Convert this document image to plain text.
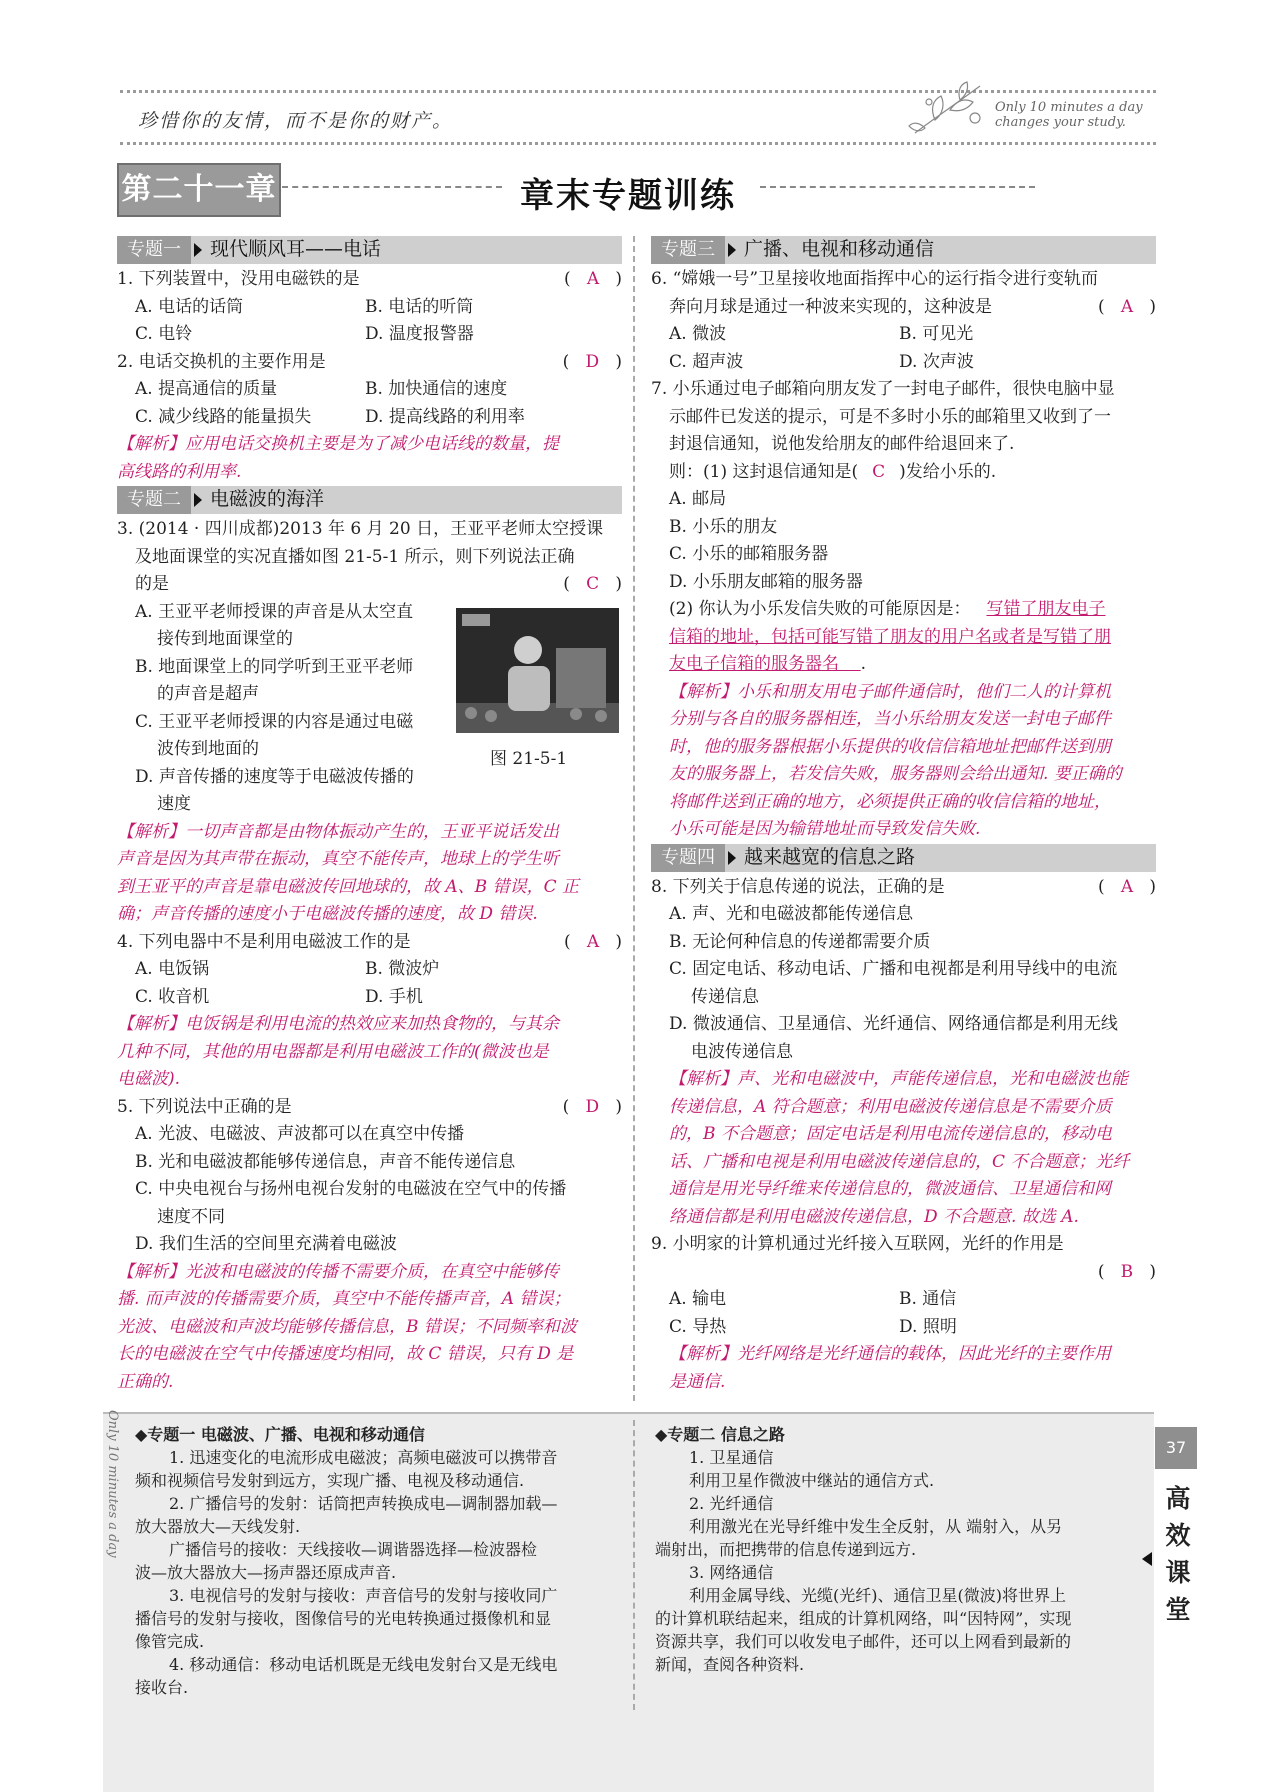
珍惜你的友情，而不是你的财产。
Only 10 minutes a day
changes your study.
第二十一章	章末专题训练
专题一	现代顺风耳——电话
1. 下列装置中，没用电磁铁的是	(   A   )
A. 电话的话筒	B. 电话的听筒
C. 电铃	D. 温度报警器
2. 电话交换机的主要作用是	(   D   )
A. 提高通信的质量	B. 加快通信的速度
C. 减少线路的能量损失	D. 提高线路的利用率
【解析】应用电话交换机主要是为了减少电话线的数量，提
高线路的利用率.
专题二	电磁波的海洋
3. (2014 · 四川成都)2013 年 6 月 20 日，王亚平老师太空授课
及地面课堂的实况直播如图 21-5-1 所示，则下列说法正确
的是	(   C   )
A. 王亚平老师授课的声音是从太空直
接传到地面课堂的
B. 地面课堂上的同学听到王亚平老师
的声音是超声
C. 王亚平老师授课的内容是通过电磁
波传到地面的
D. 声音传播的速度等于电磁波传播的
速度
【解析】一切声音都是由物体振动产生的，王亚平说话发出
声音是因为其声带在振动，真空不能传声，地球上的学生听
到王亚平的声音是靠电磁波传回地球的，故 A、B 错误，C 正
确；声音传播的速度小于电磁波传播的速度，故 D 错误.
4. 下列电器中不是利用电磁波工作的是	(   A   )
A. 电饭锅	B. 微波炉
C. 收音机	D. 手机
【解析】电饭锅是利用电流的热效应来加热食物的，与其余
几种不同，其他的用电器都是利用电磁波工作的(微波也是
电磁波).
5. 下列说法中正确的是	(   D   )
A. 光波、电磁波、声波都可以在真空中传播
B. 光和电磁波都能够传递信息，声音不能传递信息
C. 中央电视台与扬州电视台发射的电磁波在空气中的传播
速度不同
D. 我们生活的空间里充满着电磁波
【解析】光波和电磁波的传播不需要介质，在真空中能够传
播. 而声波的传播需要介质，真空中不能传播声音，A 错误；
光波、电磁波和声波均能够传播信息，B 错误；不同频率和波
长的电磁波在空气中传播速度均相同，故 C 错误，只有 D 是
正确的.
图 21-5-1
专题三	广播、电视和移动通信
6. “嫦娥一号”卫星接收地面指挥中心的运行指令进行变轨而
奔向月球是通过一种波来实现的，这种波是	(   A   )
A. 微波	B. 可见光
C. 超声波	D. 次声波
7. 小乐通过电子邮箱向朋友发了一封电子邮件，很快电脑中显
示邮件已发送的提示，可是不多时小乐的邮箱里又收到了一
封退信通知，说他发给朋友的邮件给退回来了.
则：(1) 这封退信通知是( C )发给小乐的.
A. 邮局
B. 小乐的朋友
C. 小乐的邮箱服务器
D. 小乐朋友邮箱的服务器
(2) 你认为小乐发信失败的可能原因是： 写错了朋友电子
信箱的地址，包括可能写错了朋友的用户名或者是写错了朋
友电子信箱的服务器名 .
【解析】小乐和朋友用电子邮件通信时，他们二人的计算机
分别与各自的服务器相连，当小乐给朋友发送一封电子邮件
时，他的服务器根据小乐提供的收信信箱地址把邮件送到朋
友的服务器上，若发信失败，服务器则会给出通知. 要正确的
将邮件送到正确的地方，必须提供正确的收信信箱的地址，
小乐可能是因为输错地址而导致发信失败.
专题四	越来越宽的信息之路
8. 下列关于信息传递的说法，正确的是	(   A   )
A. 声、光和电磁波都能传递信息
B. 无论何种信息的传递都需要介质
C. 固定电话、移动电话、广播和电视都是利用导线中的电流
传递信息
D. 微波通信、卫星通信、光纤通信、网络通信都是利用无线
电波传递信息
【解析】声、光和电磁波中，声能传递信息，光和电磁波也能
传递信息，A 符合题意；利用电磁波传递信息是不需要介质
的，B 不合题意；固定电话是利用电流传递信息的，移动电
话、广播和电视是利用电磁波传递信息的，C 不合题意；光纤
通信是用光导纤维来传递信息的，微波通信、卫星通信和网
络通信都是利用电磁波传递信息，D 不合题意. 故选 A.
9. 小明家的计算机通过光纤接入互联网，光纤的作用是
(   B   )
A. 输电	B. 通信
C. 导热	D. 照明
【解析】光纤网络是光纤通信的载体，因此光纤的主要作用
是通信.
Only 10 minutes a day ◆专题一 电磁波、广播、电视和移动通信
1. 迅速变化的电流形成电磁波；高频电磁波可以携带音
频和视频信号发射到远方，实现广播、电视及移动通信.
2. 广播信号的发射：话筒把声转换成电—调制器加载—
放大器放大—天线发射.
广播信号的接收：天线接收—调谐器选择—检波器检
波—放大器放大—扬声器还原成声音.
3. 电视信号的发射与接收：声音信号的发射与接收同广
播信号的发射与接收，图像信号的光电转换通过摄像机和显
像管完成.
4. 移动通信：移动电话机既是无线电发射台又是无线电
接收台.
◆专题二 信息之路
1. 卫星通信
利用卫星作微波中继站的通信方式.
2. 光纤通信
利用激光在光导纤维中发生全反射，从 端射入，从另
端射出，而把携带的信息传递到远方.
3. 网络通信
利用金属导线、光缆(光纤)、通信卫星(微波)将世界上
的计算机联结起来，组成的计算机网络，叫“因特网”，实现
资源共享，我们可以收发电子邮件，还可以上网看到最新的
新闻，查阅各种资料.
37
高效课堂
